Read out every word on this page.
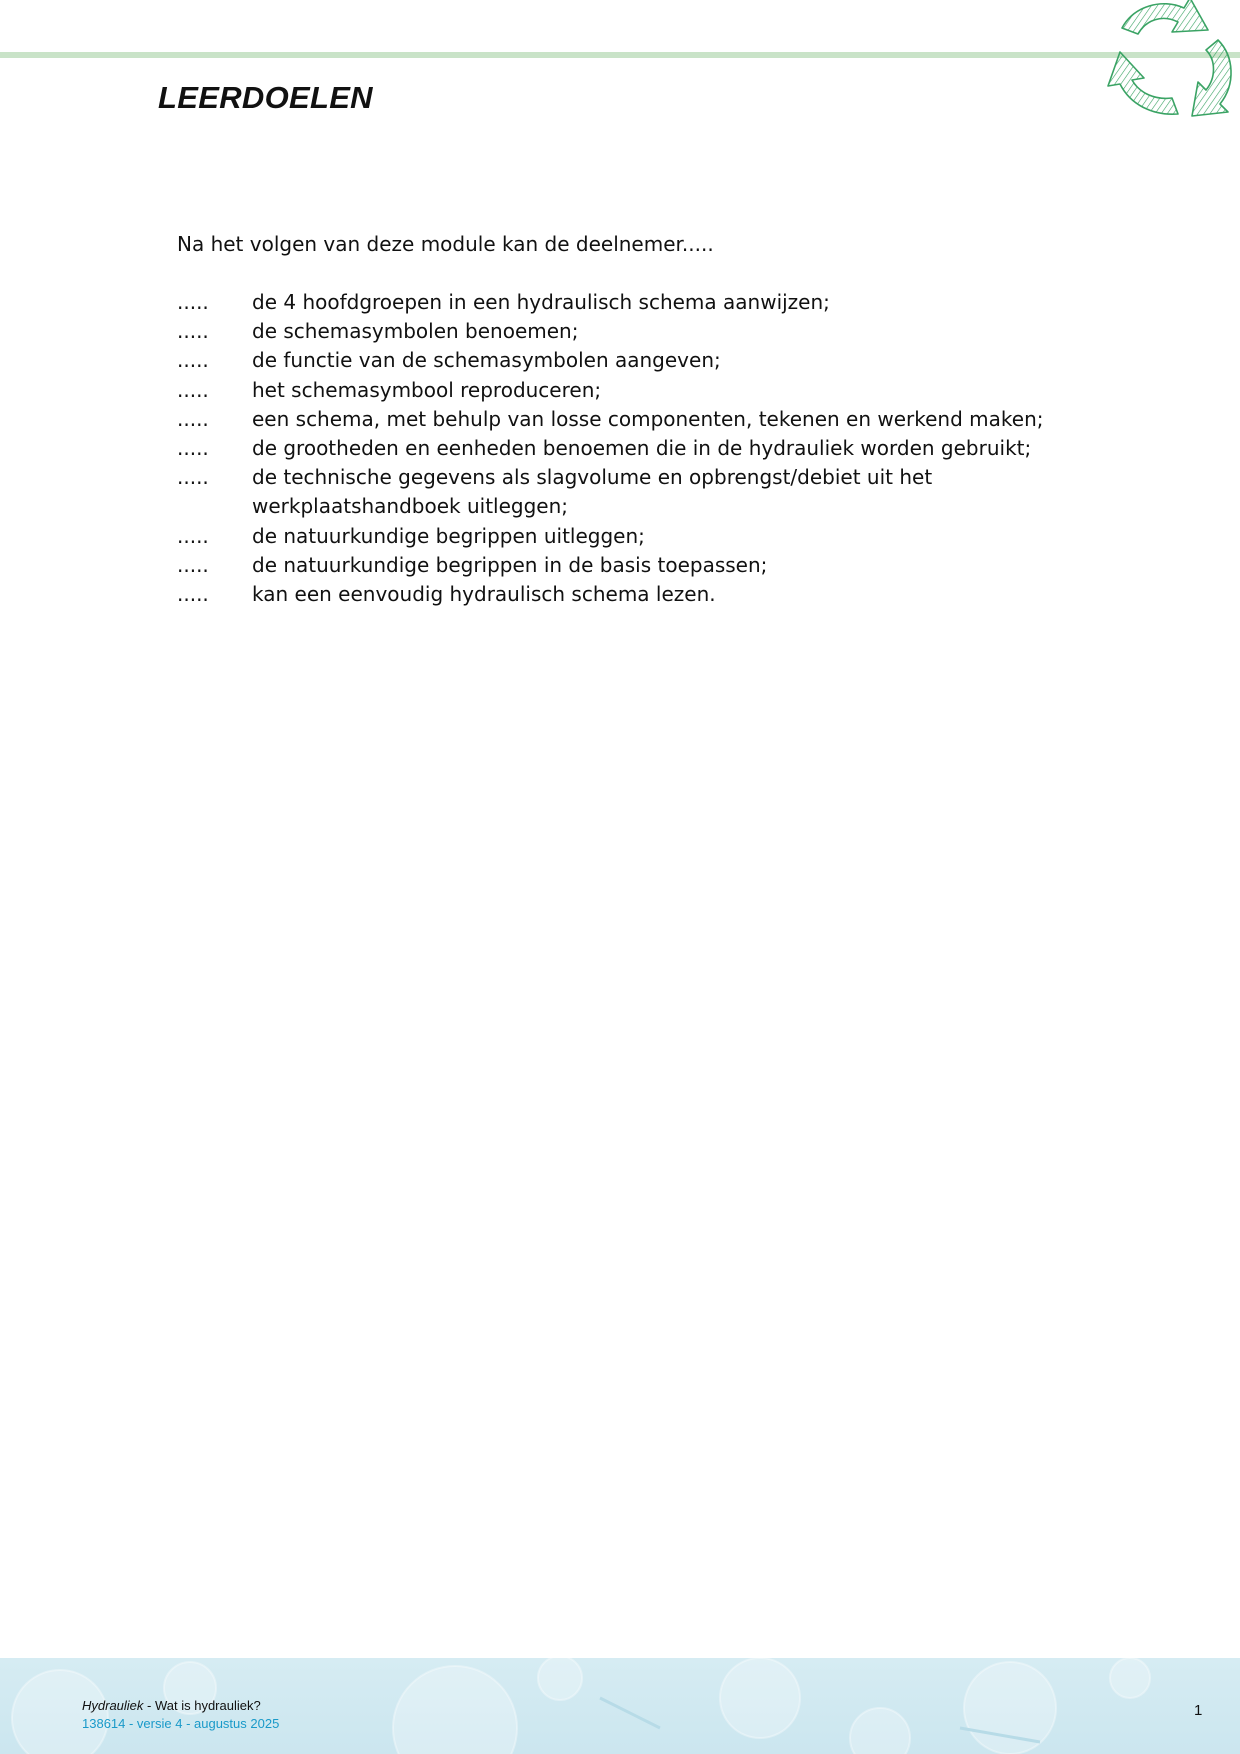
LEERDOELEN

Na het volgen van deze module kan de deelnemer.....

.....	de 4 hoofdgroepen in een hydraulisch schema aanwijzen;
.....	de schemasymbolen benoemen;
.....	de functie van de schemasymbolen aangeven;
.....	het schemasymbool reproduceren;
.....	een schema, met behulp van losse componenten, tekenen en werkend maken;
.....	de grootheden en eenheden benoemen die in de hydrauliek worden gebruikt;
.....	de technische gegevens als slagvolume en opbrengst/debiet uit het
werkplaatshandboek uitleggen;
.....	de natuurkundige begrippen uitleggen;
.....	de natuurkundige begrippen in de basis toepassen;
.....	kan een eenvoudig hydraulisch schema lezen.
Hydrauliek - Wat is hydrauliek?
138614 - versie 4 - augustus 2025
1
